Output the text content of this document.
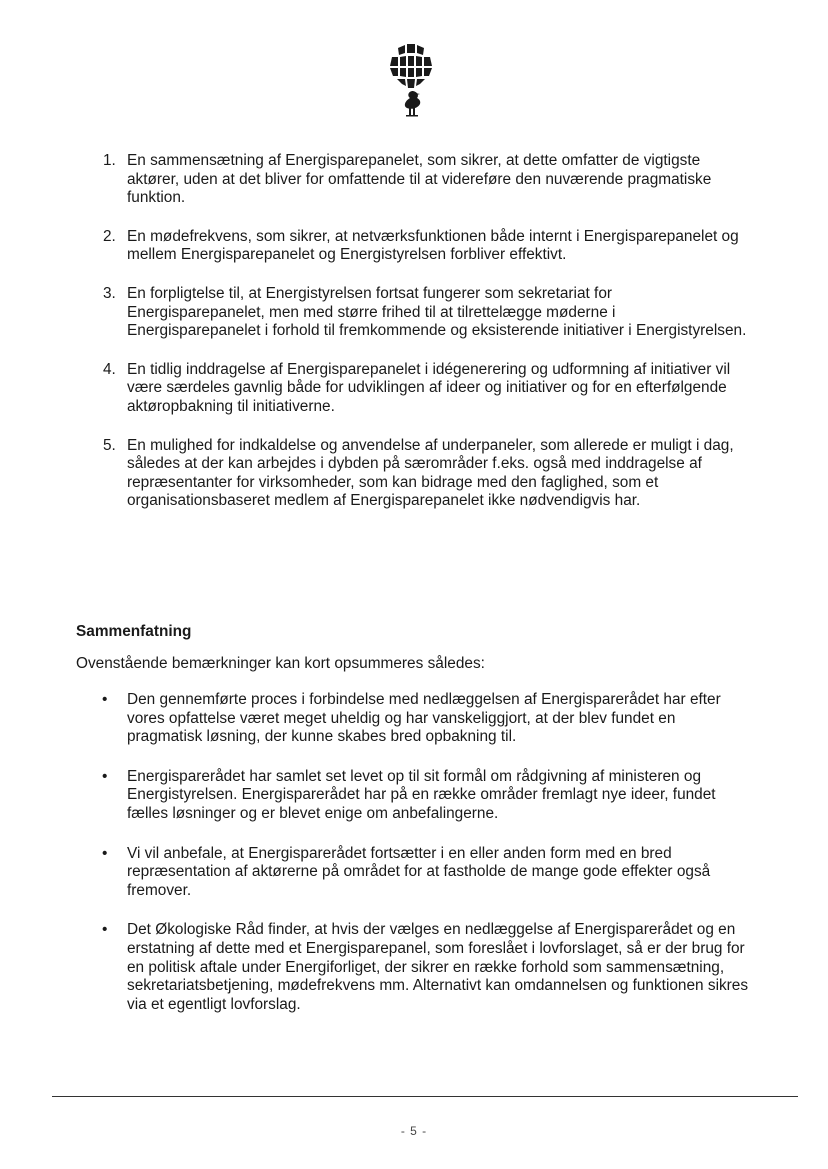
1. En sammensætning af Energisparepanelet, som sikrer, at dette omfatter de vigtigste aktører, uden at det bliver for omfattende til at videreføre den nuværende pragmatiske funktion.
2. En mødefrekvens, som sikrer, at netværksfunktionen både internt i Energisparepanelet og mellem Energisparepanelet og Energistyrelsen forbliver effektivt.
3. En forpligtelse til, at Energistyrelsen fortsat fungerer som sekretariat for Energisparepanelet, men med større frihed til at tilrettelægge møderne i Energisparepanelet i forhold til fremkommende og eksisterende initiativer i Energistyrelsen.
4. En tidlig inddragelse af Energisparepanelet i idégenerering og udformning af initiativer vil være særdeles gavnlig både for udviklingen af ideer og initiativer og for en efterfølgende aktøropbakning til initiativerne.
5. En mulighed for indkaldelse og anvendelse af underpaneler, som allerede er muligt i dag, således at der kan arbejdes i dybden på særområder f.eks. også med inddragelse af repræsentanter for virksomheder, som kan bidrage med den faglighed, som et organisationsbaseret medlem af Energisparepanelet ikke nødvendigvis har.
Sammenfatning

Ovenstående bemærkninger kan kort opsummeres således:

• Den gennemførte proces i forbindelse med nedlæggelsen af Energisparerådet har efter vores opfattelse været meget uheldig og har vanskeliggjort, at der blev fundet en pragmatisk løsning, der kunne skabes bred opbakning til.
• Energisparerådet har samlet set levet op til sit formål om rådgivning af ministeren og Energistyrelsen. Energisparerådet har på en række områder fremlagt nye ideer, fundet fælles løsninger og er blevet enige om anbefalingerne.
• Vi vil anbefale, at Energisparerådet fortsætter i en eller anden form med en bred repræsentation af aktørerne på området for at fastholde de mange gode effekter også fremover.
• Det Økologiske Råd finder, at hvis der vælges en nedlæggelse af Energisparerådet og en erstatning af dette med et Energisparepanel, som foreslået i lovforslaget, så er der brug for en politisk aftale under Energiforliget, der sikrer en række forhold som sammensætning, sekretariatsbetjening, mødefrekvens mm. Alternativt kan omdannelsen og funktionen sikres via et egentligt lovforslag.
- 5 -
